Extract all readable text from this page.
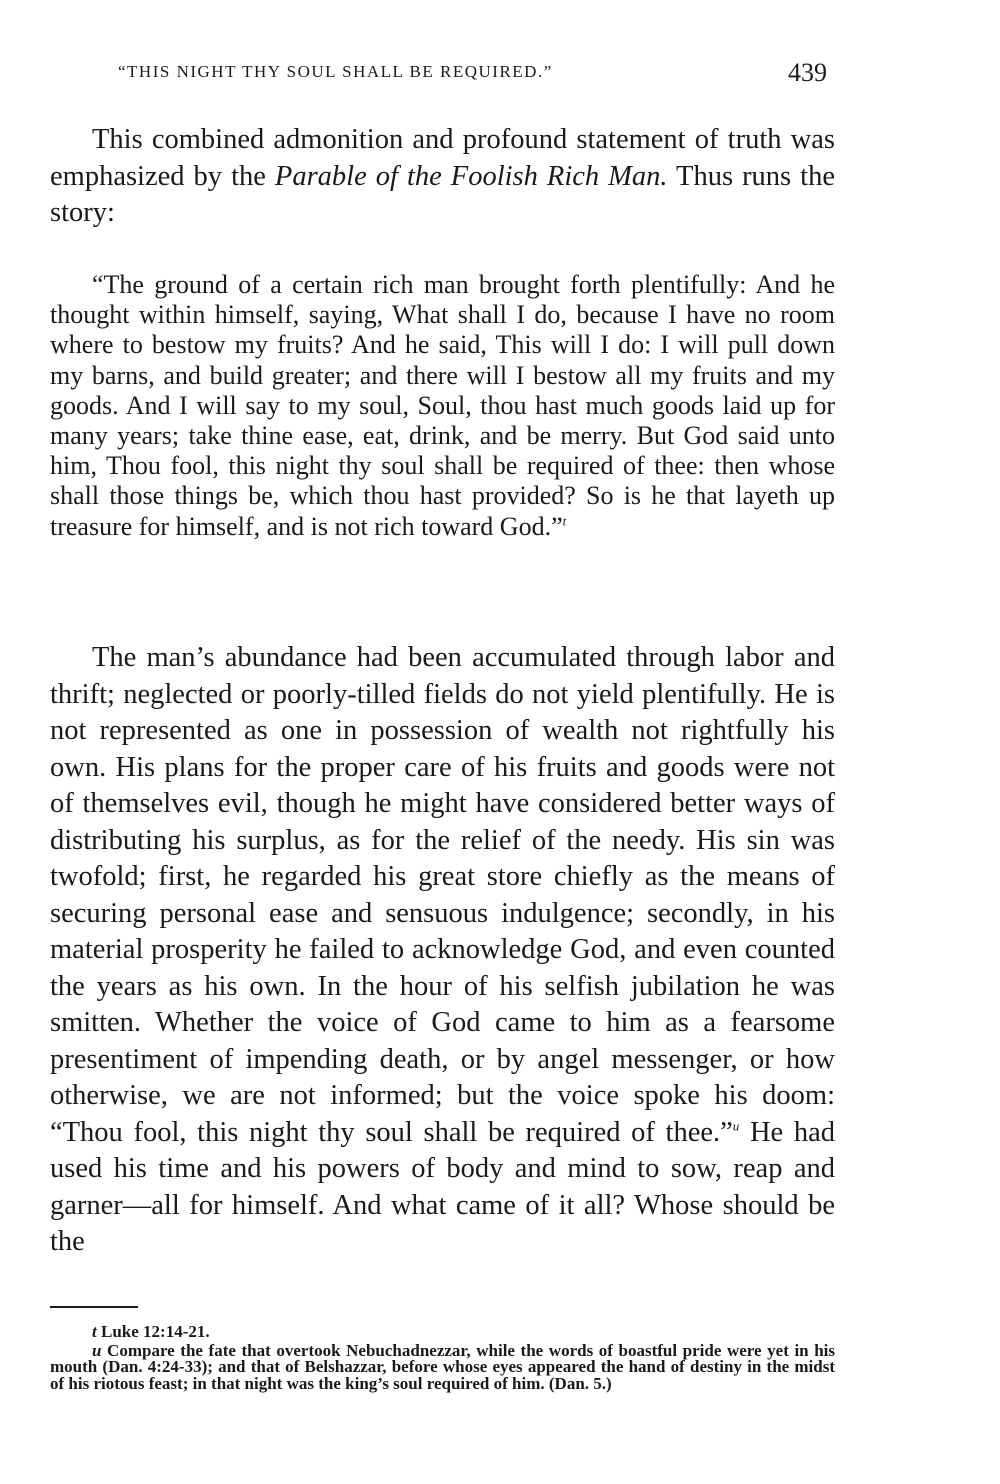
“THIS NIGHT THY SOUL SHALL BE REQUIRED.”	439

This combined admonition and profound statement of truth was emphasized by the Parable of the Foolish Rich Man. Thus runs the story:

“The ground of a certain rich man brought forth plentifully: And he thought within himself, saying, What shall I do, because I have no room where to bestow my fruits? And he said, This will I do: I will pull down my barns, and build greater; and there will I bestow all my fruits and my goods. And I will say to my soul, Soul, thou hast much goods laid up for many years; take thine ease, eat, drink, and be merry. But God said unto him, Thou fool, this night thy soul shall be required of thee: then whose shall those things be, which thou hast provided? So is he that layeth up treasure for himself, and is not rich toward God.”$^t$

The man’s abundance had been accumulated through labor and thrift; neglected or poorly-tilled fields do not yield plentifully. He is not represented as one in possession of wealth not rightfully his own. His plans for the proper care of his fruits and goods were not of themselves evil, though he might have considered better ways of distributing his surplus, as for the relief of the needy. His sin was twofold; first, he regarded his great store chiefly as the means of securing personal ease and sensuous indulgence; secondly, in his material prosperity he failed to acknowledge God, and even counted the years as his own. In the hour of his selfish jubilation he was smitten. Whether the voice of God came to him as a fearsome presentiment of impending death, or by angel messenger, or how otherwise, we are not informed; but the voice spoke his doom: “Thou fool, this night thy soul shall be required of thee.”$^u$ He had used his time and his powers of body and mind to sow, reap and garner—all for himself. And what came of it all? Whose should be the

t Luke 12:14-21.

u Compare the fate that overtook Nebuchadnezzar, while the words of boastful pride were yet in his mouth (Dan. 4:24-33); and that of Belshazzar, before whose eyes appeared the hand of destiny in the midst of his riotous feast; in that night was the king’s soul required of him. (Dan. 5.)
